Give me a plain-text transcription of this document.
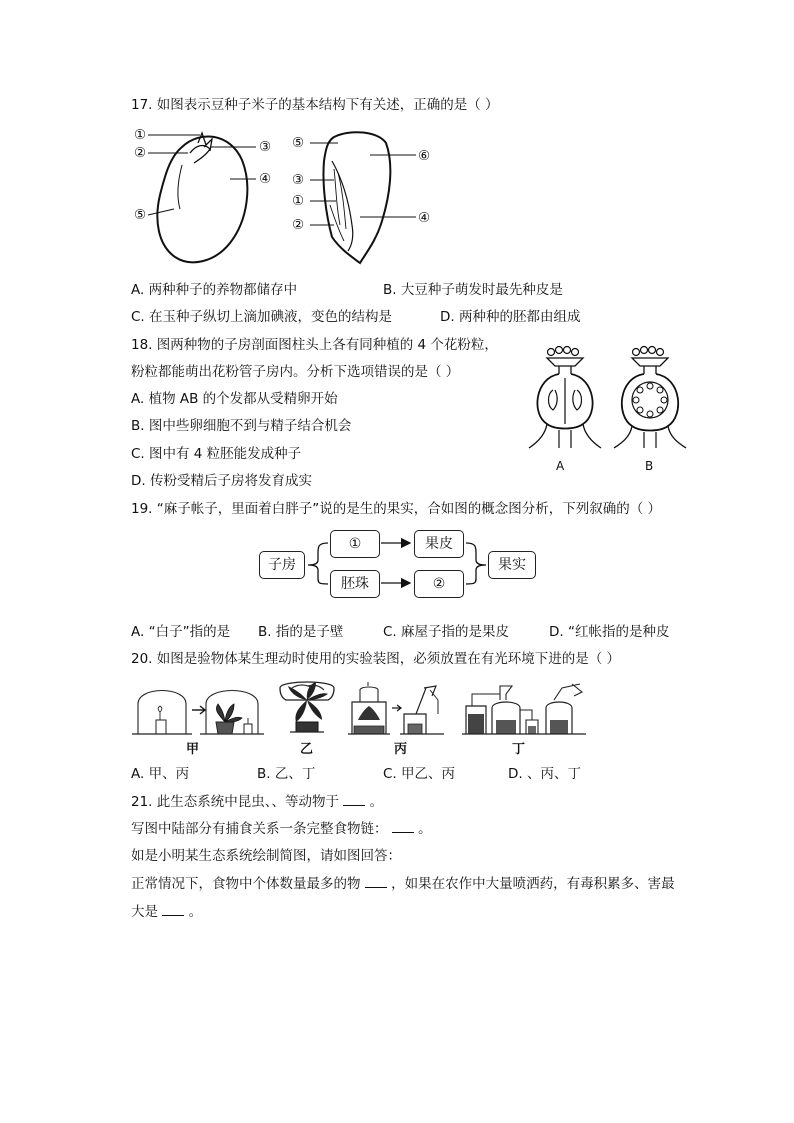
17. 如图表示豆种子米子的基本结构下有关述，正确的是（ ）
①
②	③
④
⑤
⑤
⑥
③
①
②	④
A. 两种种子的养物都储存中	B. 大豆种子萌发时最先种皮是
C. 在玉种子纵切上滴加碘液，变色的结构是	D. 两种种的胚都由组成
18. 图两种物的子房剖面图柱头上各有同种植的 4 个花粉粒，
粉粒都能萌出花粉管子房内。分析下选项错误的是（ ）
A. 植物 AB 的个发都从受精卵开始
B. 图中些卵细胞不到与精子结合机会
C. 图中有 4 粒胚能发成种子
D. 传粉受精后子房将发育成实
A	B
19. “麻子帐子，里面着白胖子”说的是生的果实，合如图的概念图分析，下列叙确的（ ）
子房
①	果皮
胚珠	②
果实
A. “白子”指的是 B. 指的是子壁	C. 麻屋子指的是果皮	D. “红帐指的是种皮
20. 如图是验物体某生理动时使用的实验装图，必须放置在有光环境下进的是（ ）
甲	乙	丙	丁
A. 甲、丙	B. 乙、丁	C. 甲乙、丙	D. 、丙、丁
21. 此生态系统中昆虫、、等动物于 。
写图中陆部分有捕食关系一条完整食物链： 。
如是小明某生态系统绘制简图，请如图回答：
正常情况下，食物中个体数量最多的物 ，如果在农作中大量喷洒药，有毒积累多、害最
大是 。
